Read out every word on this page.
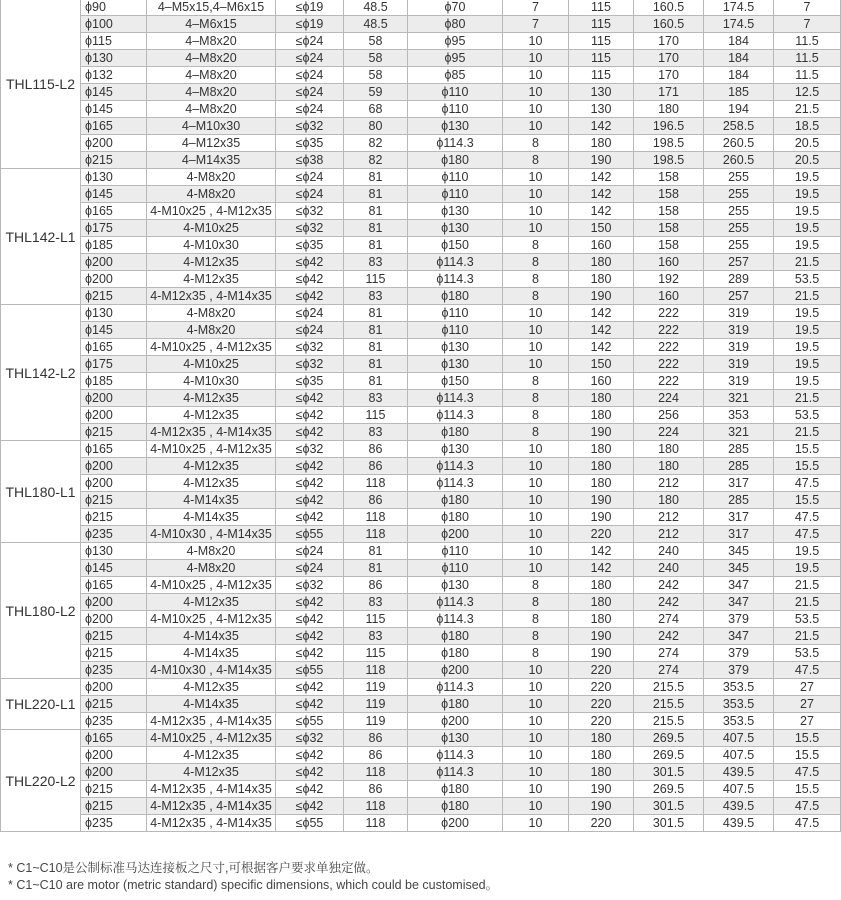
THL115-L2	ϕ90	4–M5x15,4–M6x15	≤ϕ19	48.5	ϕ70	7	115	160.5	174.5	7
	ϕ100	4–M6x15	≤ϕ19	48.5	ϕ80	7	115	160.5	174.5	7
	ϕ115	4–M8x20	≤ϕ24	58	ϕ95	10	115	170	184	11.5
	ϕ130	4–M8x20	≤ϕ24	58	ϕ95	10	115	170	184	11.5
	ϕ132	4–M8x20	≤ϕ24	58	ϕ85	10	115	170	184	11.5
	ϕ145	4–M8x20	≤ϕ24	59	ϕ110	10	130	171	185	12.5
	ϕ145	4–M8x20	≤ϕ24	68	ϕ110	10	130	180	194	21.5
	ϕ165	4–M10x30	≤ϕ32	80	ϕ130	10	142	196.5	258.5	18.5
	ϕ200	4–M12x35	≤ϕ35	82	ϕ114.3	8	180	198.5	260.5	20.5
	ϕ215	4–M14x35	≤ϕ38	82	ϕ180	8	190	198.5	260.5	20.5
THL142-L1	ϕ130	4-M8x20	≤ϕ24	81	ϕ110	10	142	158	255	19.5
	ϕ145	4-M8x20	≤ϕ24	81	ϕ110	10	142	158	255	19.5
	ϕ165	4-M10x25 , 4-M12x35	≤ϕ32	81	ϕ130	10	142	158	255	19.5
	ϕ175	4-M10x25	≤ϕ32	81	ϕ130	10	150	158	255	19.5
	ϕ185	4-M10x30	≤ϕ35	81	ϕ150	8	160	158	255	19.5
	ϕ200	4-M12x35	≤ϕ42	83	ϕ114.3	8	180	160	257	21.5
	ϕ200	4-M12x35	≤ϕ42	115	ϕ114.3	8	180	192	289	53.5
	ϕ215	4-M12x35 , 4-M14x35	≤ϕ42	83	ϕ180	8	190	160	257	21.5
THL142-L2	ϕ130	4-M8x20	≤ϕ24	81	ϕ110	10	142	222	319	19.5
	ϕ145	4-M8x20	≤ϕ24	81	ϕ110	10	142	222	319	19.5
	ϕ165	4-M10x25 , 4-M12x35	≤ϕ32	81	ϕ130	10	142	222	319	19.5
	ϕ175	4-M10x25	≤ϕ32	81	ϕ130	10	150	222	319	19.5
	ϕ185	4-M10x30	≤ϕ35	81	ϕ150	8	160	222	319	19.5
	ϕ200	4-M12x35	≤ϕ42	83	ϕ114.3	8	180	224	321	21.5
	ϕ200	4-M12x35	≤ϕ42	115	ϕ114.3	8	180	256	353	53.5
	ϕ215	4-M12x35 , 4-M14x35	≤ϕ42	83	ϕ180	8	190	224	321	21.5
THL180-L1	ϕ165	4-M10x25 , 4-M12x35	≤ϕ32	86	ϕ130	10	180	180	285	15.5
	ϕ200	4-M12x35	≤ϕ42	86	ϕ114.3	10	180	180	285	15.5
	ϕ200	4-M12x35	≤ϕ42	118	ϕ114.3	10	180	212	317	47.5
	ϕ215	4-M14x35	≤ϕ42	86	ϕ180	10	190	180	285	15.5
	ϕ215	4-M14x35	≤ϕ42	118	ϕ180	10	190	212	317	47.5
	ϕ235	4-M10x30 , 4-M14x35	≤ϕ55	118	ϕ200	10	220	212	317	47.5
THL180-L2	ϕ130	4-M8x20	≤ϕ24	81	ϕ110	10	142	240	345	19.5
	ϕ145	4-M8x20	≤ϕ24	81	ϕ110	10	142	240	345	19.5
	ϕ165	4-M10x25 , 4-M12x35	≤ϕ32	86	ϕ130	8	180	242	347	21.5
	ϕ200	4-M12x35	≤ϕ42	83	ϕ114.3	8	180	242	347	21.5
	ϕ200	4-M10x25 , 4-M12x35	≤ϕ42	115	ϕ114.3	8	180	274	379	53.5
	ϕ215	4-M14x35	≤ϕ42	83	ϕ180	8	190	242	347	21.5
	ϕ215	4-M14x35	≤ϕ42	115	ϕ180	8	190	274	379	53.5
	ϕ235	4-M10x30 , 4-M14x35	≤ϕ55	118	ϕ200	10	220	274	379	47.5
THL220-L1	ϕ200	4-M12x35	≤ϕ42	119	ϕ114.3	10	220	215.5	353.5	27
	ϕ215	4-M14x35	≤ϕ42	119	ϕ180	10	220	215.5	353.5	27
	ϕ235	4-M12x35 , 4-M14x35	≤ϕ55	119	ϕ200	10	220	215.5	353.5	27
THL220-L2	ϕ165	4-M10x25 , 4-M12x35	≤ϕ32	86	ϕ130	10	180	269.5	407.5	15.5
	ϕ200	4-M12x35	≤ϕ42	86	ϕ114.3	10	180	269.5	407.5	15.5
	ϕ200	4-M12x35	≤ϕ42	118	ϕ114.3	10	180	301.5	439.5	47.5
	ϕ215	4-M12x35 , 4-M14x35	≤ϕ42	86	ϕ180	10	190	269.5	407.5	15.5
	ϕ215	4-M12x35 , 4-M14x35	≤ϕ42	118	ϕ180	10	190	301.5	439.5	47.5
	ϕ235	4-M12x35 , 4-M14x35	≤ϕ55	118	ϕ200	10	220	301.5	439.5	47.5
* C1~C10是公制标准马达连接板之尺寸,可根据客户要求单独定做。
* C1~C10 are motor (metric standard) specific dimensions, which could be customised。
